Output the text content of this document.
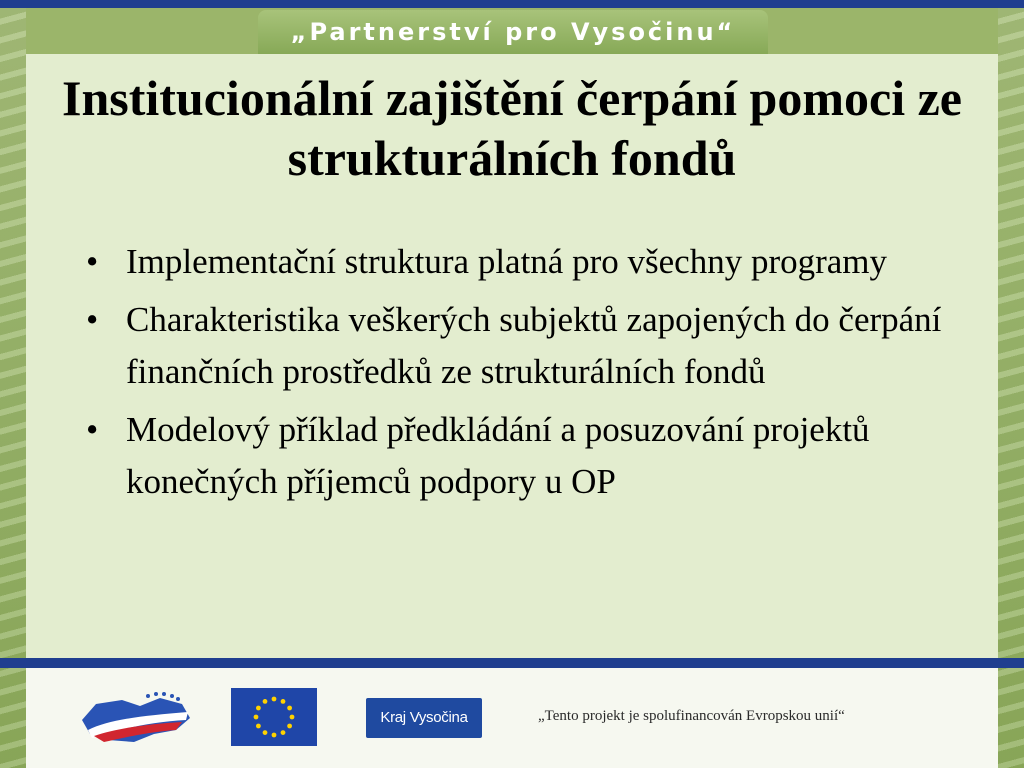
„Partnerství pro Vysočinu“
Institucionální zajištění čerpání pomoci ze strukturálních fondů
• Implementační struktura platná pro všechny programy
• Charakteristika veškerých subjektů zapojených do čerpání finančních prostředků ze strukturálních fondů
• Modelový příklad předkládání a posuzování projektů konečných příjemců podpory u OP
Kraj Vysočina	„Tento projekt je spolufinancován Evropskou unií“
